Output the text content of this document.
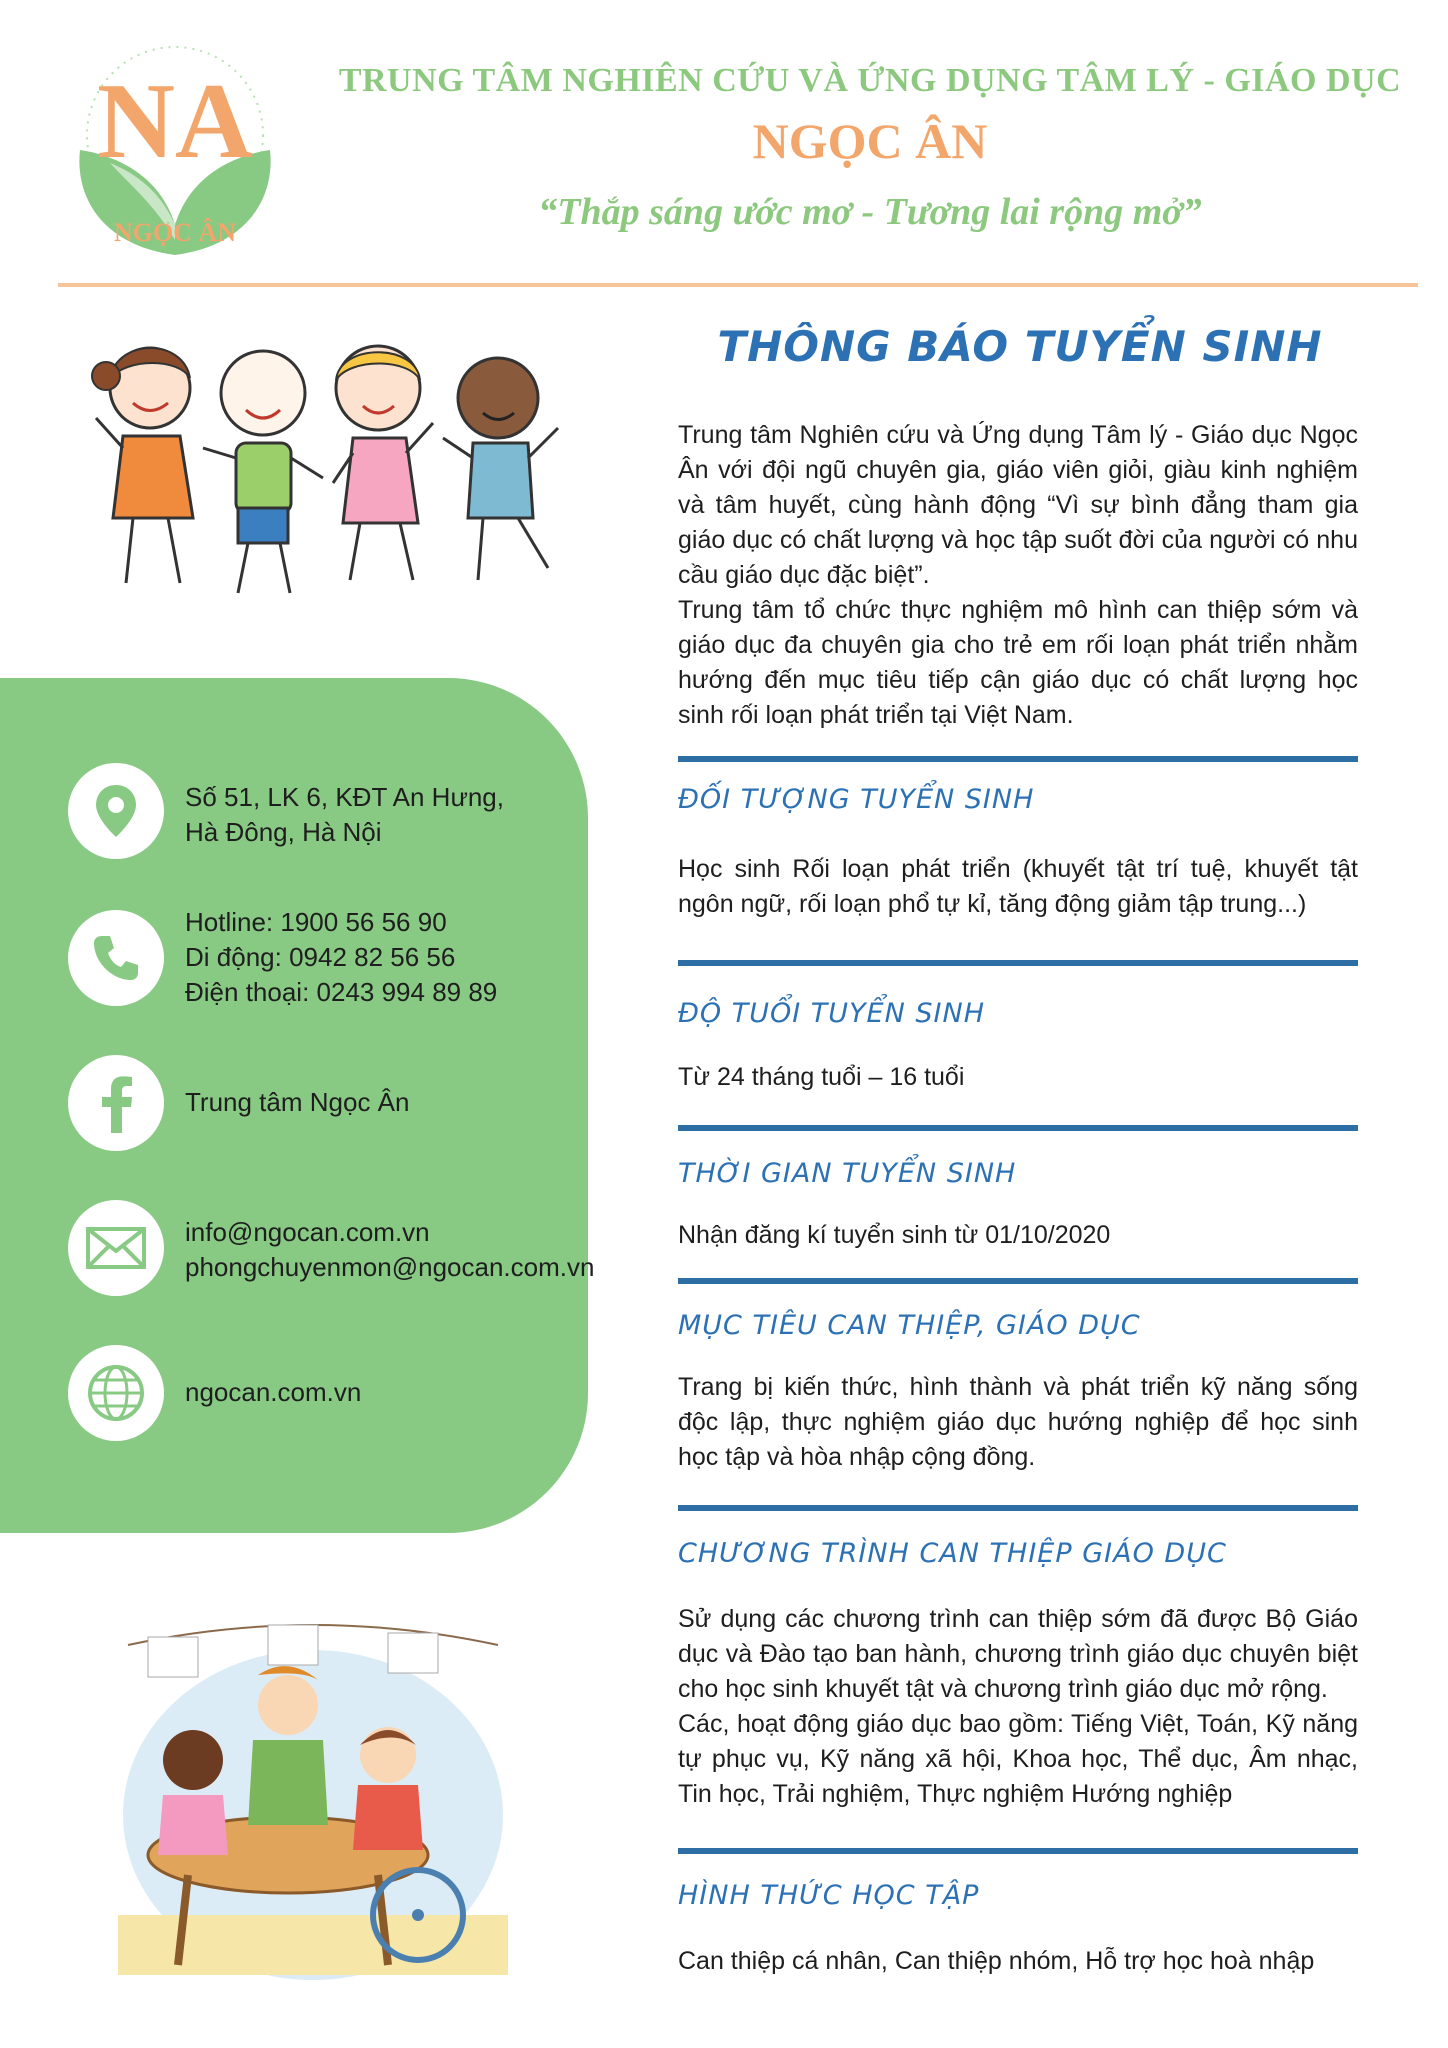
NA
NGỌC ÂN
TRUNG TÂM NGHIÊN CỨU VÀ ỨNG DỤNG TÂM LÝ - GIÁO DỤC
NGỌC ÂN
“Thắp sáng ước mơ - Tương lai rộng mở”
Số 51, LK 6, KĐT An Hưng,
Hà Đông, Hà Nội
Hotline: 1900 56 56 90
Di động: 0942 82 56 56
Điện thoại: 0243 994 89 89
Trung tâm Ngọc Ân
info@ngocan.com.vn
phongchuyenmon@ngocan.com.vn
ngocan.com.vn
THÔNG BÁO TUYỂN SINH
Trung tâm Nghiên cứu và Ứng dụng Tâm lý - Giáo dục Ngọc Ân với đội ngũ chuyên gia, giáo viên giỏi, giàu kinh nghiệm và tâm huyết, cùng hành động “Vì sự bình đẳng tham gia giáo dục có chất lượng và học tập suốt đời của người có nhu cầu giáo dục đặc biệt”.
Trung tâm tổ chức thực nghiệm mô hình can thiệp sớm và giáo dục đa chuyên gia cho trẻ em rối loạn phát triển nhằm hướng đến mục tiêu tiếp cận giáo dục có chất lượng học sinh rối loạn phát triển tại Việt Nam.
ĐỐI TƯỢNG TUYỂN SINH
Học sinh Rối loạn phát triển (khuyết tật trí tuệ, khuyết tật ngôn ngữ, rối loạn phổ tự kỉ, tăng động giảm tập trung...)
ĐỘ TUỔI TUYỂN SINH
Từ 24 tháng tuổi – 16 tuổi
THỜI GIAN TUYỂN SINH
Nhận đăng kí tuyển sinh từ 01/10/2020
MỤC TIÊU CAN THIỆP, GIÁO DỤC
Trang bị kiến thức, hình thành và phát triển kỹ năng sống độc lập, thực nghiệm giáo dục hướng nghiệp để học sinh học tập và hòa nhập cộng đồng.
CHƯƠNG TRÌNH CAN THIỆP GIÁO DỤC
Sử dụng các chương trình can thiệp sớm đã được Bộ Giáo dục và Đào tạo ban hành, chương trình giáo dục chuyên biệt cho học sinh khuyết tật và chương trình giáo dục mở rộng.
Các, hoạt động giáo dục bao gồm: Tiếng Việt, Toán, Kỹ năng tự phục vụ, Kỹ năng xã hội, Khoa học, Thể dục, Âm nhạc, Tin học, Trải nghiệm, Thực nghiệm Hướng nghiệp
HÌNH THỨC HỌC TẬP
Can thiệp cá nhân, Can thiệp nhóm, Hỗ trợ học hoà nhập
